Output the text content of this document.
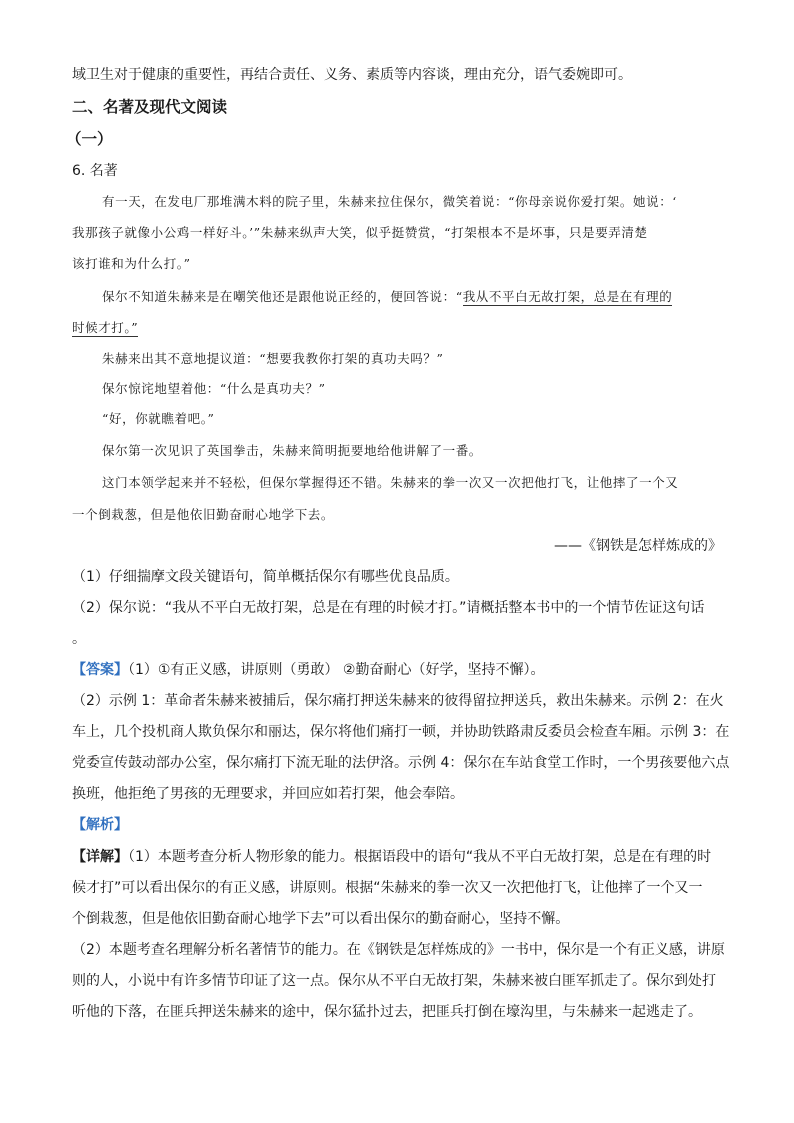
域卫生对于健康的重要性，再结合责任、义务、素质等内容谈，理由充分，语气委婉即可。
二、名著及现代文阅读
（一）
6. 名著
有一天，在发电厂那堆满木料的院子里，朱赫来拉住保尔，微笑着说：“你母亲说你爱打架。她说：‘
我那孩子就像小公鸡一样好斗。’”朱赫来纵声大笑，似乎挺赞赏，“打架根本不是坏事，只是要弄清楚
该打谁和为什么打。”
保尔不知道朱赫来是在嘲笑他还是跟他说正经的，便回答说：“我从不平白无故打架，总是在有理的
时候才打。”
朱赫来出其不意地提议道：“想要我教你打架的真功夫吗？”
保尔惊诧地望着他：“什么是真功夫？”
“好，你就瞧着吧。”
保尔第一次见识了英国拳击，朱赫来简明扼要地给他讲解了一番。
这门本领学起来并不轻松，但保尔掌握得还不错。朱赫来的拳一次又一次把他打飞，让他摔了一个又
一个倒栽葱，但是他依旧勤奋耐心地学下去。
——《钢铁是怎样炼成的》
（1）仔细揣摩文段关键语句，简单概括保尔有哪些优良品质。
（2）保尔说：“我从不平白无故打架，总是在有理的时候才打。”请概括整本书中的一个情节佐证这句话
。
【答案】（1）①有正义感，讲原则（勇敢） ②勤奋耐心（好学，坚持不懈）。
（2）示例 1：革命者朱赫来被捕后，保尔痛打押送朱赫来的彼得留拉押送兵，救出朱赫来。示例 2：在火
车上，几个投机商人欺负保尔和丽达，保尔将他们痛打一顿，并协助铁路肃反委员会检查车厢。示例 3：在
党委宣传鼓动部办公室，保尔痛打下流无耻的法伊洛。示例 4：保尔在车站食堂工作时，一个男孩要他六点
换班，他拒绝了男孩的无理要求，并回应如若打架，他会奉陪。
【解析】
【详解】（1）本题考查分析人物形象的能力。根据语段中的语句“我从不平白无故打架，总是在有理的时
候才打”可以看出保尔的有正义感，讲原则。根据“朱赫来的拳一次又一次把他打飞，让他摔了一个又一
个倒栽葱，但是他依旧勤奋耐心地学下去”可以看出保尔的勤奋耐心，坚持不懈。
（2）本题考查名理解分析名著情节的能力。在《钢铁是怎样炼成的》一书中，保尔是一个有正义感，讲原
则的人，小说中有许多情节印证了这一点。保尔从不平白无故打架，朱赫来被白匪军抓走了。保尔到处打
听他的下落，在匪兵押送朱赫来的途中，保尔猛扑过去，把匪兵打倒在壕沟里，与朱赫来一起逃走了。
